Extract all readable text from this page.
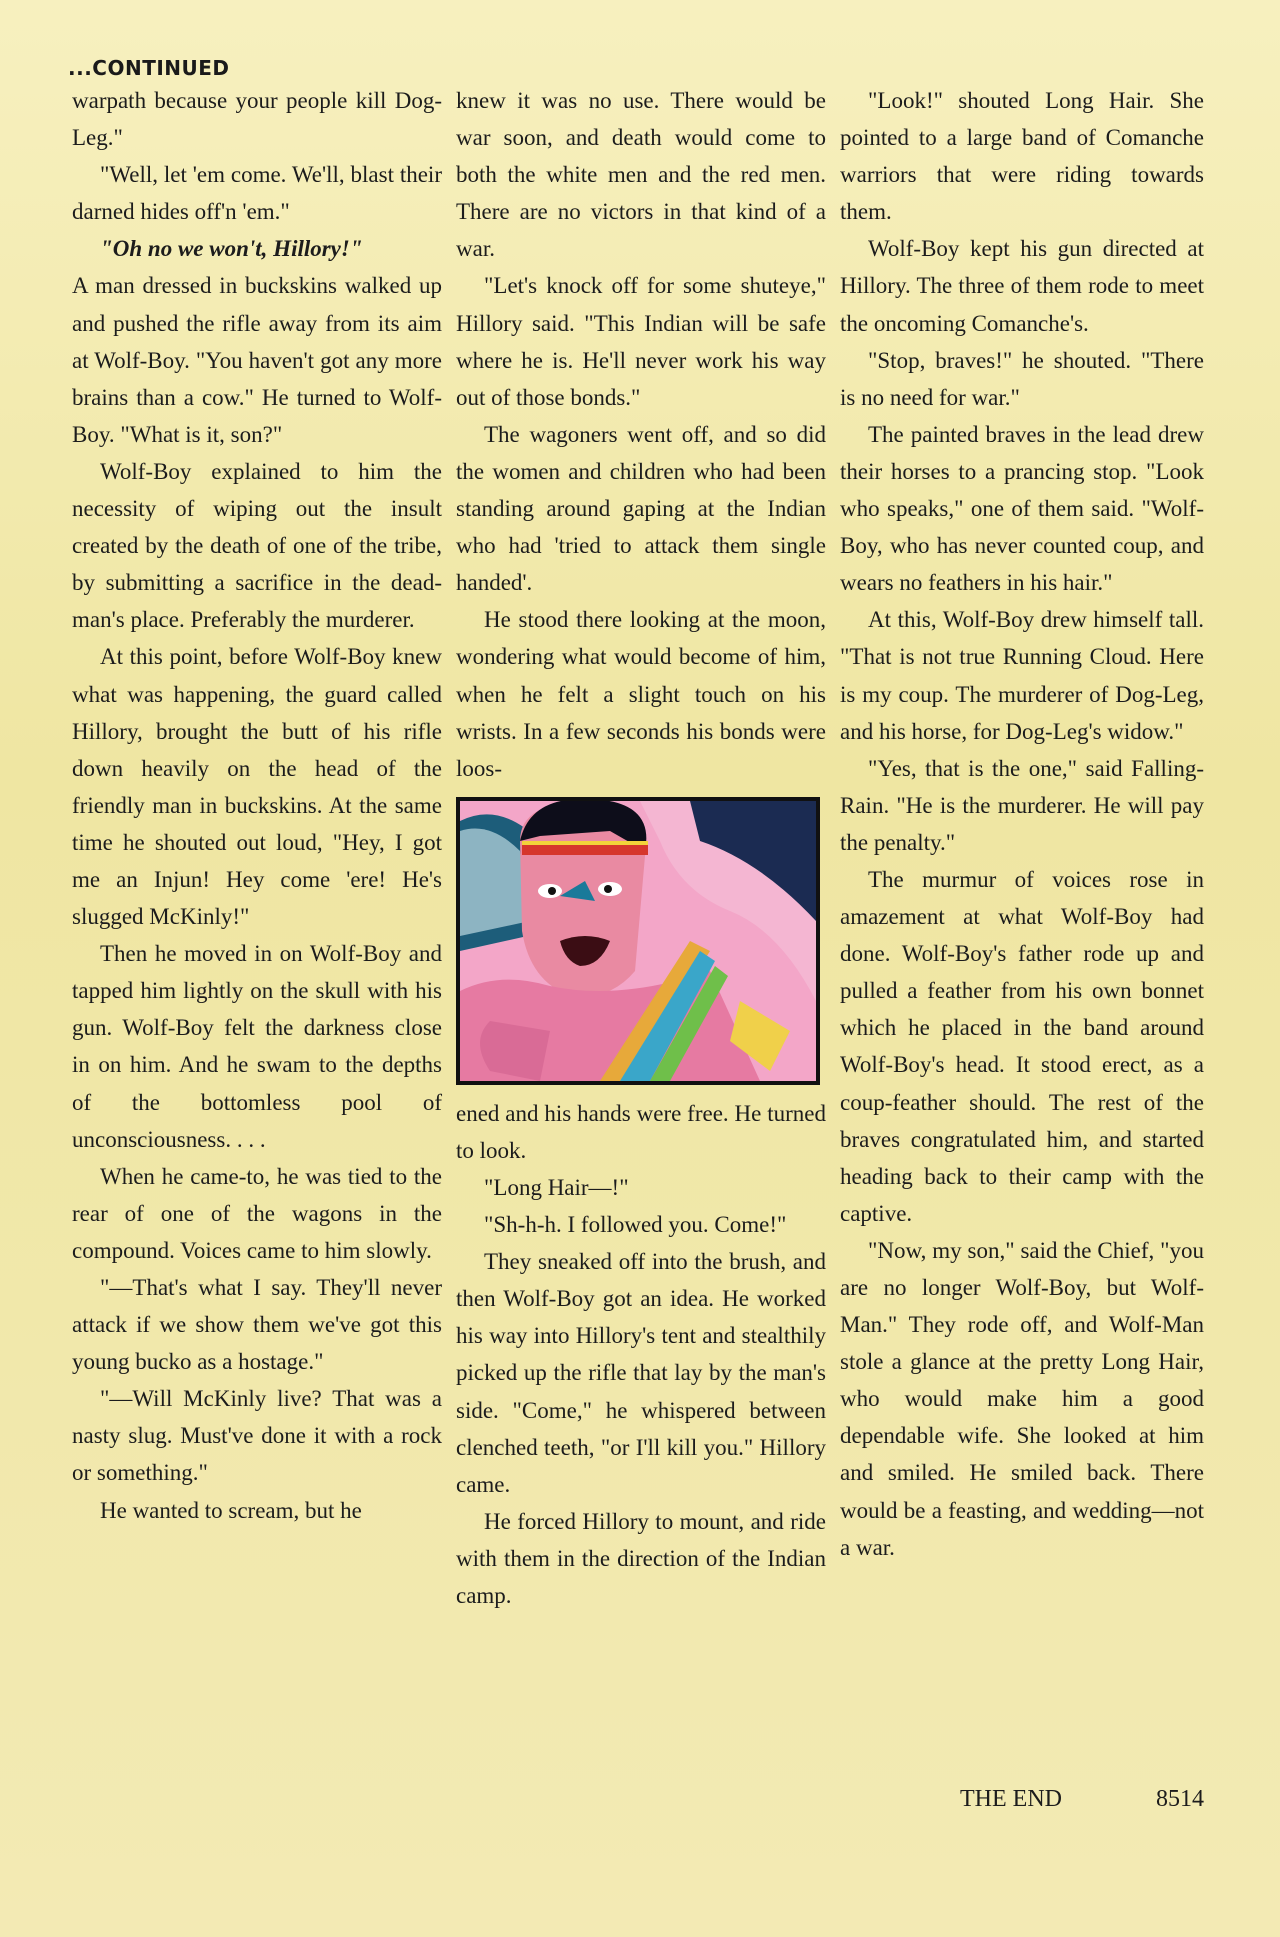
...CONTINUED

warpath because your people kill Dog-Leg."

"Well, let 'em come. We'll, blast their darned hides off'n 'em."

"Oh no we won't, Hillory!"

A man dressed in buckskins walked up and pushed the rifle away from its aim at Wolf-Boy. "You haven't got any more brains than a cow." He turned to Wolf-Boy. "What is it, son?"

Wolf-Boy explained to him the necessity of wiping out the insult created by the death of one of the tribe, by submitting a sacrifice in the dead-man's place. Preferably the murderer.

At this point, before Wolf-Boy knew what was happening, the guard called Hillory, brought the butt of his rifle down heavily on the head of the friendly man in buckskins. At the same time he shouted out loud, "Hey, I got me an Injun! Hey come 'ere! He's slugged McKinly!"

Then he moved in on Wolf-Boy and tapped him lightly on the skull with his gun. Wolf-Boy felt the darkness close in on him. And he swam to the depths of the bottomless pool of unconsciousness. . . .

When he came-to, he was tied to the rear of one of the wagons in the compound. Voices came to him slowly.

"—That's what I say. They'll never attack if we show them we've got this young bucko as a hostage."

"—Will McKinly live? That was a nasty slug. Must've done it with a rock or something."

He wanted to scream, but he

knew it was no use. There would be war soon, and death would come to both the white men and the red men. There are no victors in that kind of a war.

"Let's knock off for some shuteye," Hillory said. "This Indian will be safe where he is. He'll never work his way out of those bonds."

The wagoners went off, and so did the women and children who had been standing around gaping at the Indian who had 'tried to attack them single handed'.

He stood there looking at the moon, wondering what would become of him, when he felt a slight touch on his wrists. In a few seconds his bonds were loos-

ened and his hands were free. He turned to look.

"Long Hair—!"

"Sh-h-h. I followed you. Come!"

They sneaked off into the brush, and then Wolf-Boy got an idea. He worked his way into Hillory's tent and stealthily picked up the rifle that lay by the man's side. "Come," he whispered between clenched teeth, "or I'll kill you." Hillory came.

He forced Hillory to mount, and ride with them in the direction of the Indian camp.

"Look!" shouted Long Hair. She pointed to a large band of Comanche warriors that were riding towards them.

Wolf-Boy kept his gun directed at Hillory. The three of them rode to meet the oncoming Comanche's.

"Stop, braves!" he shouted. "There is no need for war."

The painted braves in the lead drew their horses to a prancing stop. "Look who speaks," one of them said. "Wolf-Boy, who has never counted coup, and wears no feathers in his hair."

At this, Wolf-Boy drew himself tall. "That is not true Running Cloud. Here is my coup. The murderer of Dog-Leg, and his horse, for Dog-Leg's widow."

"Yes, that is the one," said Falling-Rain. "He is the murderer. He will pay the penalty."

The murmur of voices rose in amazement at what Wolf-Boy had done. Wolf-Boy's father rode up and pulled a feather from his own bonnet which he placed in the band around Wolf-Boy's head. It stood erect, as a coup-feather should. The rest of the braves congratulated him, and started heading back to their camp with the captive.

"Now, my son," said the Chief, "you are no longer Wolf-Boy, but Wolf-Man." They rode off, and Wolf-Man stole a glance at the pretty Long Hair, who would make him a good dependable wife. She looked at him and smiled. He smiled back. There would be a feasting, and wedding—not a war.

THE END	8514
